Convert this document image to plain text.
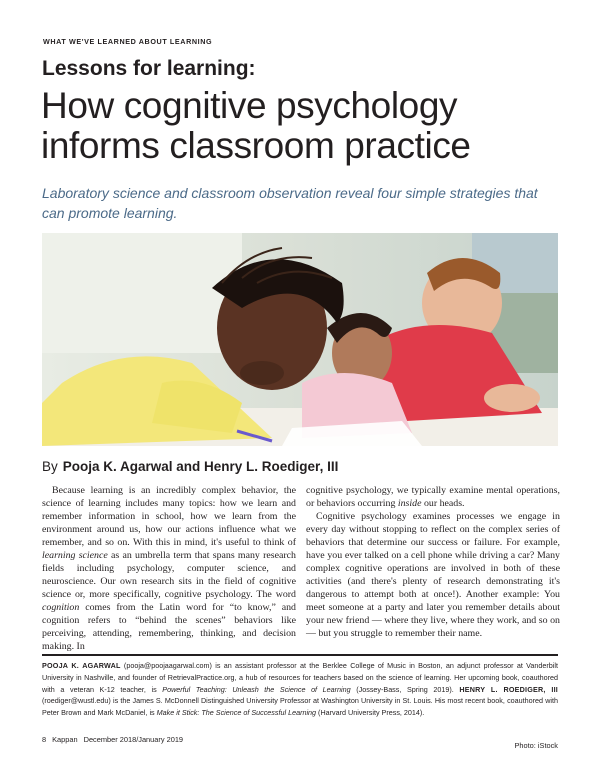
WHAT WE'VE LEARNED ABOUT LEARNING
Lessons for learning:
How cognitive psychology informs classroom practice
Laboratory science and classroom observation reveal four simple strategies that can promote learning.
By Pooja K. Agarwal and Henry L. Roediger, III

Because learning is an incredibly complex behavior, the science of learning includes many topics: how we learn and remember information in school, how we learn from the environment around us, how our actions influence what we remember, and so on. With this in mind, it's useful to think of learning science as an umbrella term that spans many research fields including psychology, computer science, and neuroscience. Our own research sits in the field of cognitive science or, more specifically, cognitive psychology. The word cognition comes from the Latin word for “to know,” and cognition refers to “behind the scenes” behaviors like perceiving, attending, remembering, thinking, and decision making. In

cognitive psychology, we typically examine mental operations, or behaviors occurring inside our heads.

Cognitive psychology examines processes we engage in every day without stopping to reflect on the complex series of behaviors that determine our success or failure. For example, have you ever talked on a cell phone while driving a car? Many complex cognitive operations are involved in both of these activities (and there's plenty of research demonstrating it's dangerous to attempt both at once!). Another example: You meet someone at a party and later you remember details about your new friend — where they live, where they work, and so on — but you struggle to remember their name.

POOJA K. AGARWAL (pooja@poojaagarwal.com) is an assistant professor at the Berklee College of Music in Boston, an adjunct professor at Vanderbilt University in Nashville, and founder of RetrievalPractice.org, a hub of resources for teachers based on the science of learning. Her upcoming book, coauthored with a veteran K-12 teacher, is Powerful Teaching: Unleash the Science of Learning (Jossey-Bass, Spring 2019). HENRY L. ROEDIGER, III (roediger@wustl.edu) is the James S. McDonnell Distinguished University Professor at Washington University in St. Louis. His most recent book, coauthored with Peter Brown and Mark McDaniel, is Make it Stick: The Science of Successful Learning (Harvard University Press, 2014).
8 Kappan December 2018/January 2019
Photo: iStock
